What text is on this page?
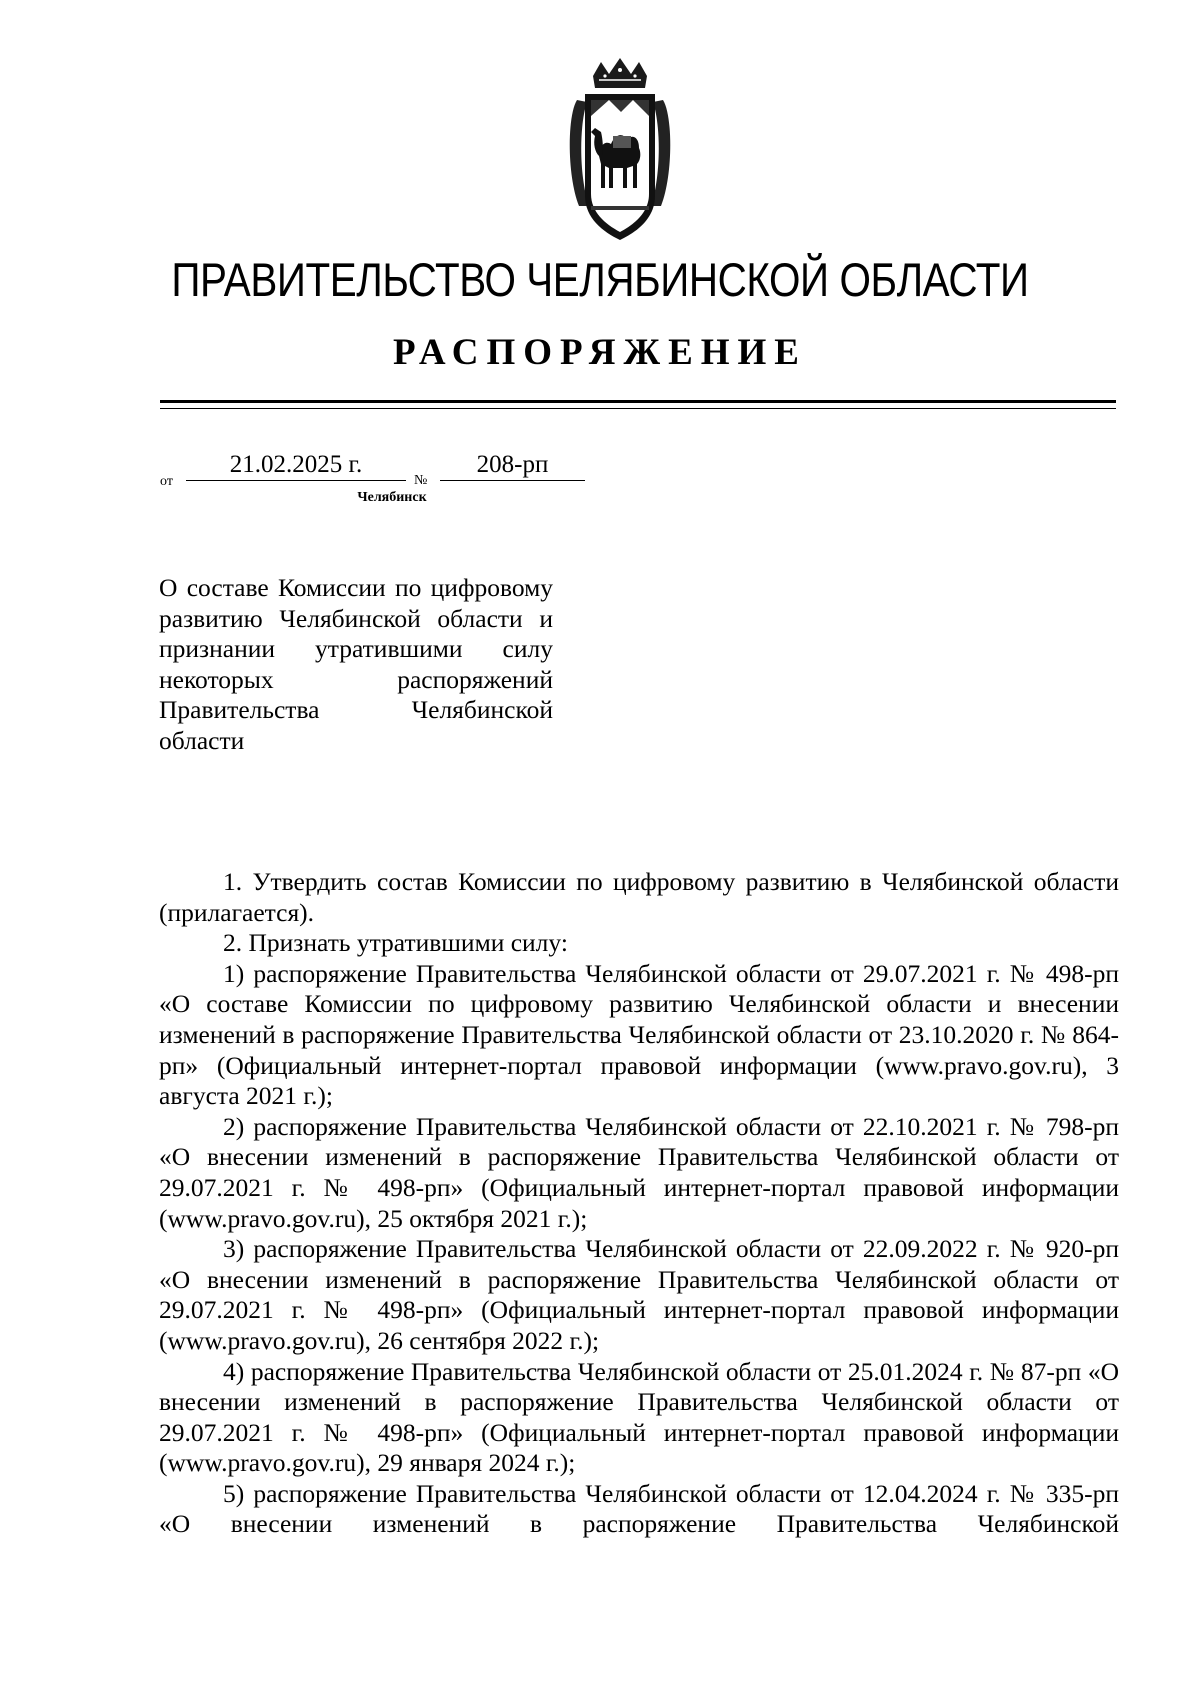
ПРАВИТЕЛЬСТВО ЧЕЛЯБИНСКОЙ ОБЛАСТИ
РАСПОРЯЖЕНИЕ
от
21.02.2025 г.
№
208-рп
Челябинск
О составе Комиссии по цифровому развитию Челябинской области и признании утратившими силу некоторых распоряжений Правительства Челябинской области

1. Утвердить состав Комиссии по цифровому развитию в Челябинской области (прилагается).

2. Признать утратившими силу:

1) распоряжение Правительства Челябинской области от 29.07.2021 г. № 498-рп «О составе Комиссии по цифровому развитию Челябинской области и внесении изменений в распоряжение Правительства Челябинской области от 23.10.2020 г. № 864-рп» (Официальный интернет-портал правовой информации (www.pravo.gov.ru), 3 августа 2021 г.);

2) распоряжение Правительства Челябинской области от 22.10.2021 г. № 798-рп «О внесении изменений в распоряжение Правительства Челябинской области от 29.07.2021 г. № 498-рп» (Официальный интернет-портал правовой информации (www.pravo.gov.ru), 25 октября 2021 г.);

3) распоряжение Правительства Челябинской области от 22.09.2022 г. № 920-рп «О внесении изменений в распоряжение Правительства Челябинской области от 29.07.2021 г. № 498-рп» (Официальный интернет-портал правовой информации (www.pravo.gov.ru), 26 сентября 2022 г.);

4) распоряжение Правительства Челябинской области от 25.01.2024 г. № 87-рп «О внесении изменений в распоряжение Правительства Челябинской области от 29.07.2021 г. № 498-рп» (Официальный интернет-портал правовой информации (www.pravo.gov.ru), 29 января 2024 г.);

5) распоряжение Правительства Челябинской области от 12.04.2024 г. № 335-рп «О внесении изменений в распоряжение Правительства Челябинской
